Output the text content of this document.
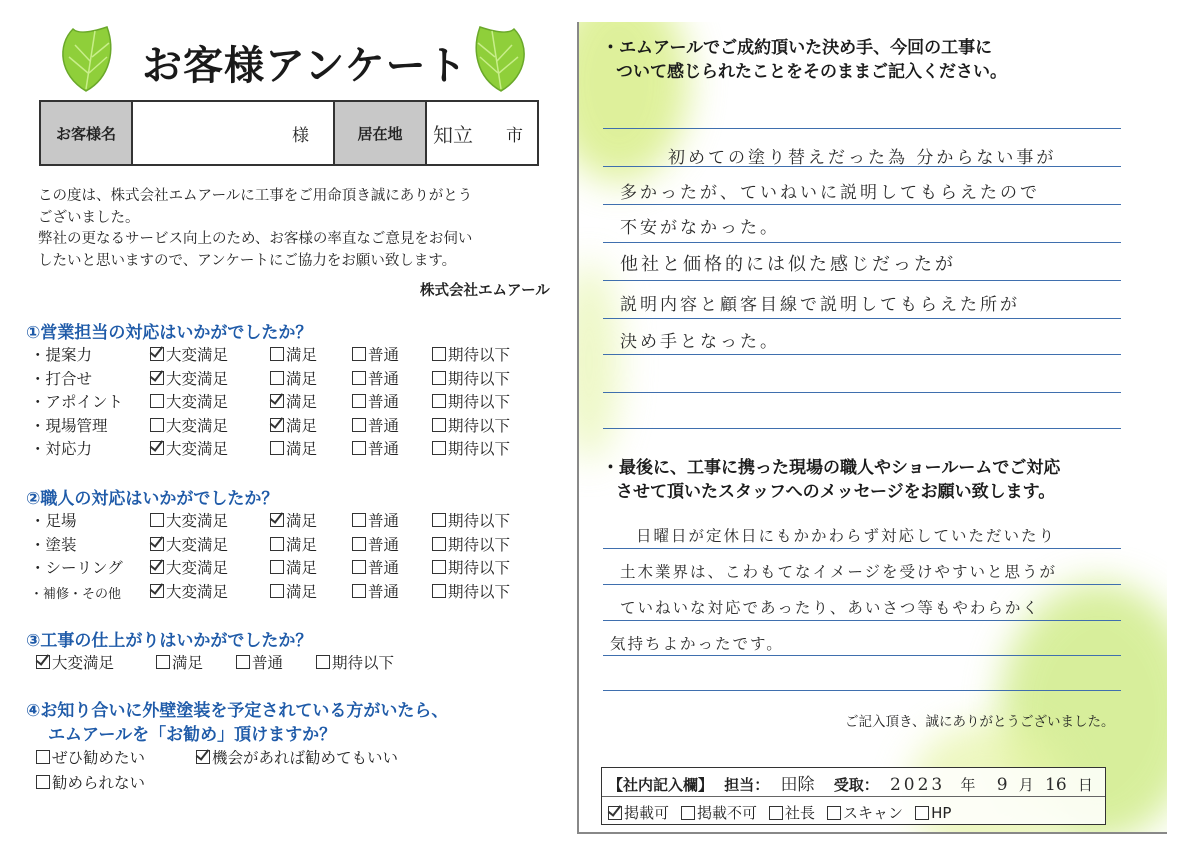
お客様アンケート
お客様名	様	居在地	知立 市
この度は、株式会社エムアールに工事をご用命頂き誠にありがとう
ございました。
弊社の更なるサービス向上のため、お客様の率直なご意見をお伺い
したいと思いますので、アンケートにご協力をお願い致します。
株式会社エムアール
①営業担当の対応はいかがでしたか？
・提案力	大変満足	満足	普通	期待以下
・打合せ	大変満足	満足	普通	期待以下
・アポイント	大変満足	満足	普通	期待以下
・現場管理	大変満足	満足	普通	期待以下
・対応力	大変満足	満足	普通	期待以下
②職人の対応はいかがでしたか？
・足場	大変満足	満足	普通	期待以下
・塗装	大変満足	満足	普通	期待以下
・シーリング	大変満足	満足	普通	期待以下
・補修・その他	大変満足	満足	普通	期待以下
③工事の仕上がりはいかがでしたか？
大変満足	満足	普通	期待以下
④お知り合いに外壁塗装を予定されている方がいたら、
エムアールを「お勧め」頂けますか？
ぜひ勧めたい	機会があれば勧めてもいい
勧められない
・エムアールでご成約頂いた決め手、今回の工事に
ついて感じられたことをそのままご記入ください。
初めての塗り替えだった為 分からない事が
多かったが、ていねいに説明してもらえたので
不安がなかった。
他社と価格的には似た感じだったが
説明内容と顧客目線で説明してもらえた所が
決め手となった。
・最後に、工事に携った現場の職人やショールームでご対応
させて頂いたスタッフへのメッセージをお願い致します。
日曜日が定休日にもかかわらず対応していただいたり
土木業界は、こわもてなイメージを受けやすいと思うが
ていねいな対応であったり、あいさつ等もやわらかく
気持ちよかったです。
ご記入頂き、誠にありがとうございました。
【社内記入欄】 担当： 田除 受取： 2023 年 9 月 16 日
掲載可 掲載不可 社長 スキャン HP
